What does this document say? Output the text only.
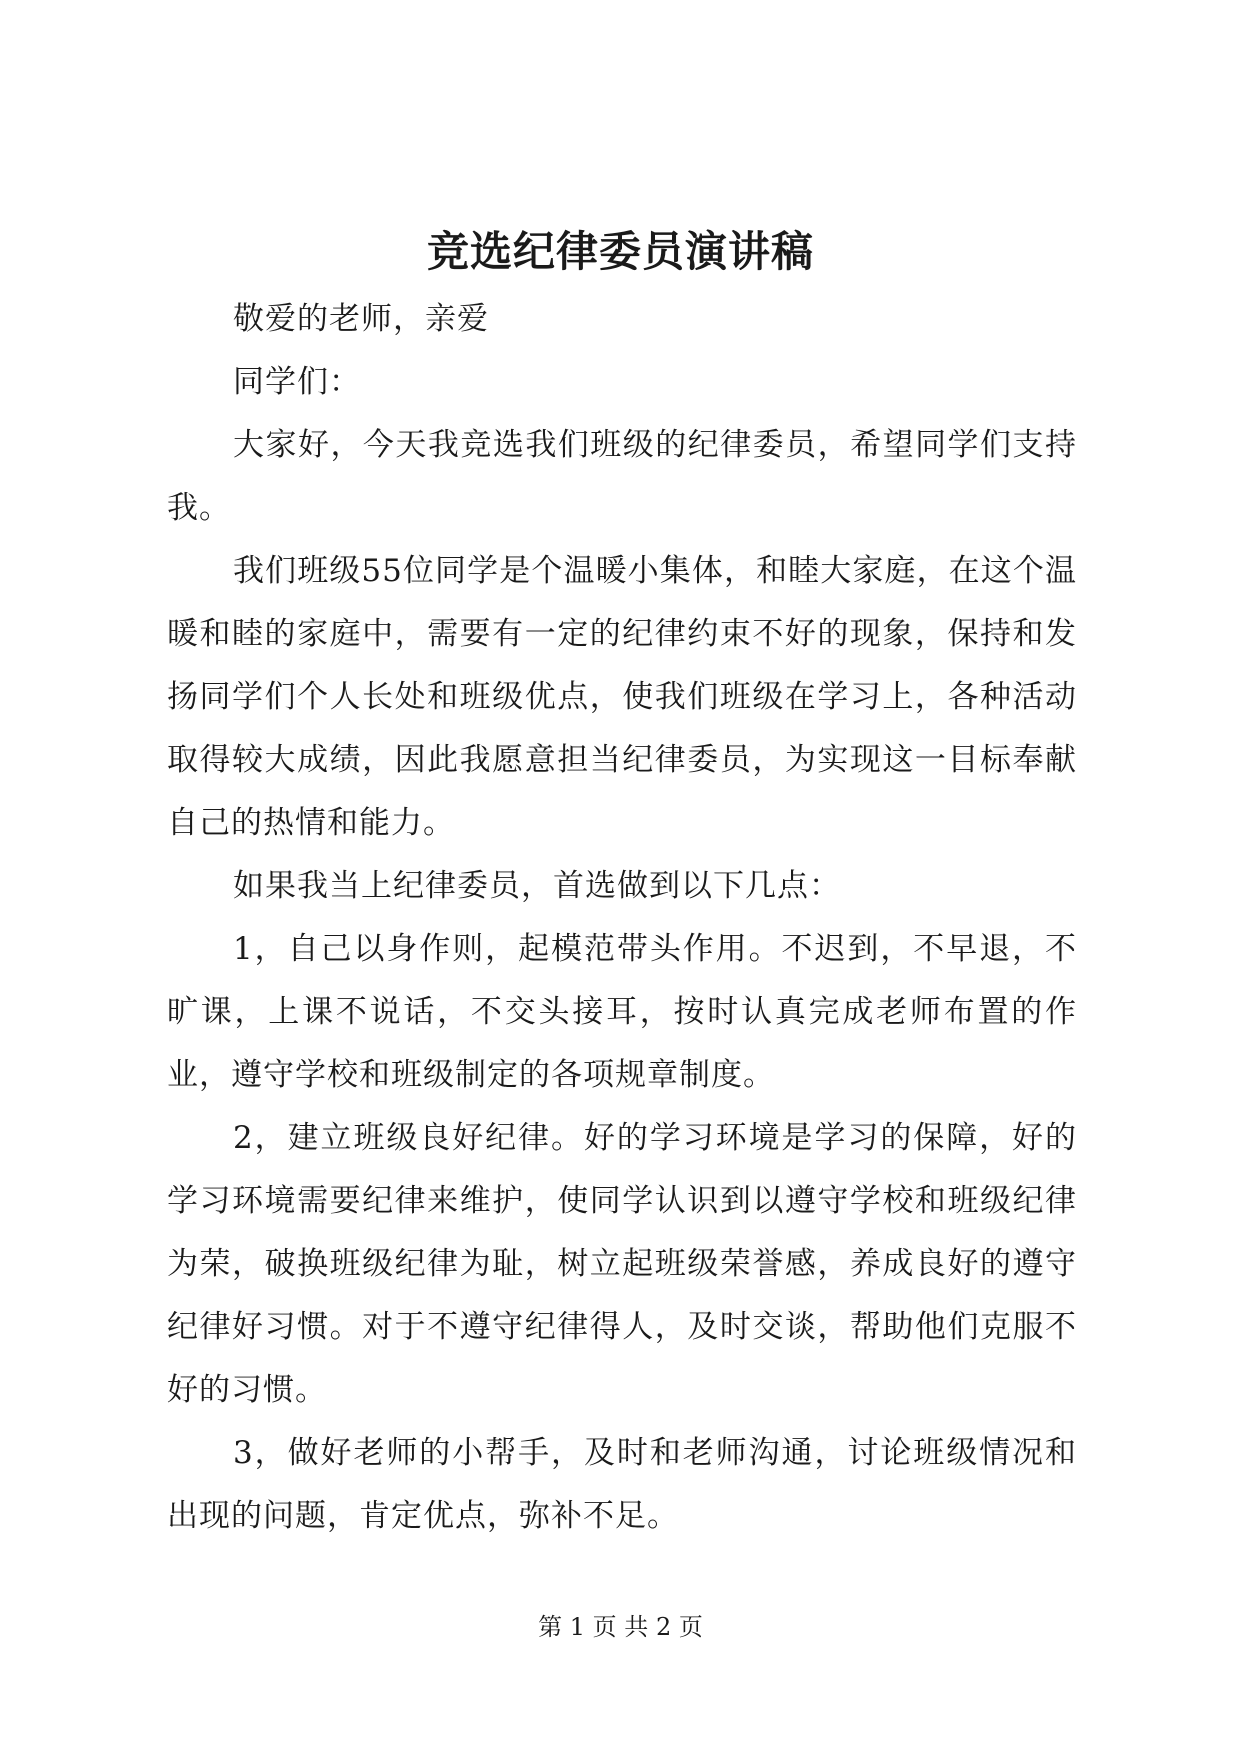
竞选纪律委员演讲稿

敬爱的老师，亲爱

同学们：

大家好，今天我竞选我们班级的纪律委员，希望同学们支持我。

我们班级55位同学是个温暖小集体，和睦大家庭，在这个温暖和睦的家庭中，需要有一定的纪律约束不好的现象，保持和发扬同学们个人长处和班级优点，使我们班级在学习上，各种活动取得较大成绩，因此我愿意担当纪律委员，为实现这一目标奉献自己的热情和能力。

如果我当上纪律委员，首选做到以下几点：

1，自己以身作则，起模范带头作用。不迟到，不早退，不旷课，上课不说话，不交头接耳，按时认真完成老师布置的作业，遵守学校和班级制定的各项规章制度。

2，建立班级良好纪律。好的学习环境是学习的保障，好的学习环境需要纪律来维护，使同学认识到以遵守学校和班级纪律为荣，破换班级纪律为耻，树立起班级荣誉感，养成良好的遵守纪律好习惯。对于不遵守纪律得人，及时交谈，帮助他们克服不好的习惯。

3，做好老师的小帮手，及时和老师沟通，讨论班级情况和出现的问题，肯定优点，弥补不足。

第 1 页 共 2 页
